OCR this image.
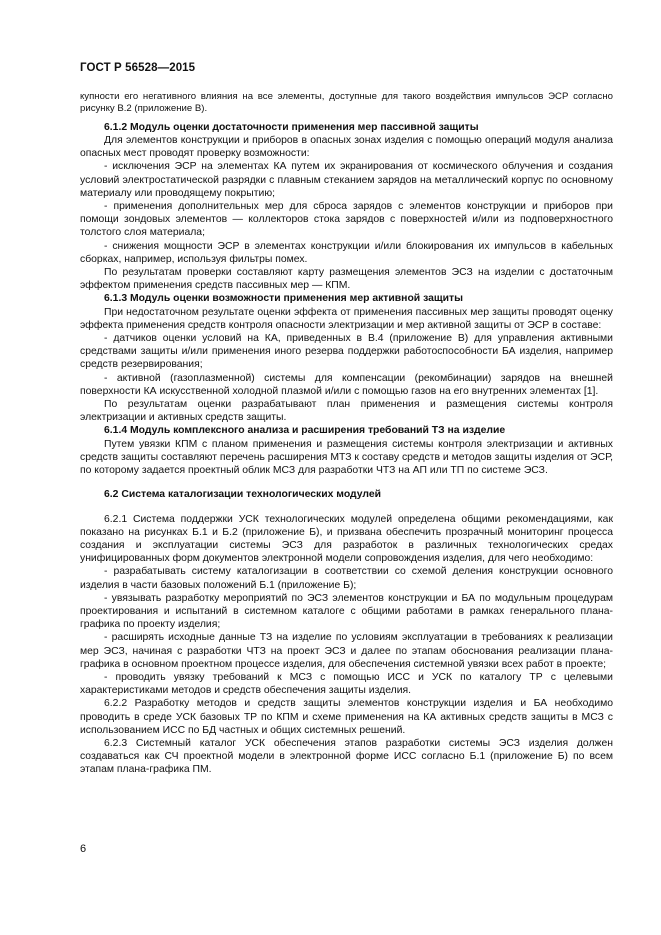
ГОСТ Р 56528—2015

купности его негативного влияния на все элементы, доступные для такого воздействия импульсов ЭСР согласно рисунку В.2 (приложение В).

6.1.2 Модуль оценки достаточности применения мер пассивной защиты

Для элементов конструкции и приборов в опасных зонах изделия с помощью операций модуля анализа опасных мест проводят проверку возможности:

- исключения ЭСР на элементах КА путем их экранирования от космического облучения и создания условий электростатической разрядки с плавным стеканием зарядов на металлический корпус по основному материалу или проводящему покрытию;

- применения дополнительных мер для сброса зарядов с элементов конструкции и приборов при помощи зондовых элементов — коллекторов стока зарядов с поверхностей и/или из подповерхностного толстого слоя материала;

- снижения мощности ЭСР в элементах конструкции и/или блокирования их импульсов в кабельных сборках, например, используя фильтры помех.

По результатам проверки составляют карту размещения элементов ЭСЗ на изделии с достаточным эффектом применения средств пассивных мер — КПМ.

6.1.3 Модуль оценки возможности применения мер активной защиты

При недостаточном результате оценки эффекта от применения пассивных мер защиты проводят оценку эффекта применения средств контроля опасности электризации и мер активной защиты от ЭСР в составе:

- датчиков оценки условий на КА, приведенных в В.4 (приложение В) для управления активными средствами защиты и/или применения иного резерва поддержки работоспособности БА изделия, например средств резервирования;

- активной (газоплазменной) системы для компенсации (рекомбинации) зарядов на внешней поверхности КА искусственной холодной плазмой и/или с помощью газов на его внутренних элементах [1].

По результатам оценки разрабатывают план применения и размещения системы контроля электризации и активных средств защиты.

6.1.4 Модуль комплексного анализа и расширения требований ТЗ на изделие

Путем увязки КПМ с планом применения и размещения системы контроля электризации и активных средств защиты составляют перечень расширения МТЗ к составу средств и методов защиты изделия от ЭСР, по которому задается проектный облик МСЗ для разработки ЧТЗ на АП или ТП по системе ЭСЗ.

6.2 Система каталогизации технологических модулей

6.2.1 Система поддержки УСК технологических модулей определена общими рекомендациями, как показано на рисунках Б.1 и Б.2 (приложение Б), и призвана обеспечить прозрачный мониторинг процесса создания и эксплуатации системы ЭСЗ для разработок в различных технологических средах унифицированных форм документов электронной модели сопровождения изделия, для чего необходимо:

- разрабатывать систему каталогизации в соответствии со схемой деления конструкции основного изделия в части базовых положений Б.1 (приложение Б);

- увязывать разработку мероприятий по ЭСЗ элементов конструкции и БА по модульным процедурам проектирования и испытаний в системном каталоге с общими работами в рамках генерального плана-графика по проекту изделия;

- расширять исходные данные ТЗ на изделие по условиям эксплуатации в требованиях к реализации мер ЭСЗ, начиная с разработки ЧТЗ на проект ЭСЗ и далее по этапам обоснования реализации плана-графика в основном проектном процессе изделия, для обеспечения системной увязки всех работ в проекте;

- проводить увязку требований к МСЗ с помощью ИСС и УСК по каталогу ТР с целевыми характеристиками методов и средств обеспечения защиты изделия.

6.2.2 Разработку методов и средств защиты элементов конструкции изделия и БА необходимо проводить в среде УСК базовых ТР по КПМ и схеме применения на КА активных средств защиты в МСЗ с использованием ИСС по БД частных и общих системных решений.

6.2.3 Системный каталог УСК обеспечения этапов разработки системы ЭСЗ изделия должен создаваться как СЧ проектной модели в электронной форме ИСС согласно Б.1 (приложение Б) по всем этапам плана-графика ПМ.

6
